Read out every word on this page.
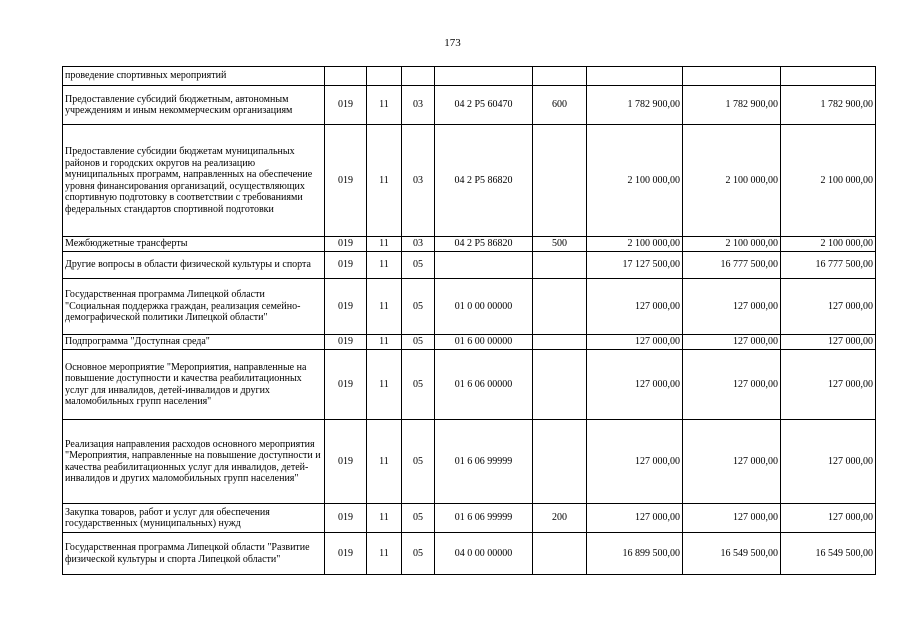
173
проведение спортивных мероприятий								
Предоставление субсидий бюджетным, автономным учреждениям и иным некоммерческим организациям	019	11	03	04 2 P5 60470	600	1 782 900,00	1 782 900,00	1 782 900,00
Предоставление субсидии бюджетам муниципальных районов и городских округов на реализацию муниципальных программ, направленных на обеспечение уровня финансирования организаций, осуществляющих спортивную подготовку в соответствии с требованиями федеральных стандартов спортивной подготовки	019	11	03	04 2 P5 86820		2 100 000,00	2 100 000,00	2 100 000,00
Межбюджетные трансферты	019	11	03	04 2 P5 86820	500	2 100 000,00	2 100 000,00	2 100 000,00
Другие вопросы в области физической культуры и спорта	019	11	05			17 127 500,00	16 777 500,00	16 777 500,00
Государственная программа Липецкой области "Социальная поддержка граждан, реализация семейно-демографической политики Липецкой области"	019	11	05	01 0 00 00000		127 000,00	127 000,00	127 000,00
Подпрограмма "Доступная среда"	019	11	05	01 6 00 00000		127 000,00	127 000,00	127 000,00
Основное мероприятие "Мероприятия, направленные на повышение доступности и качества реабилитационных услуг для инвалидов, детей-инвалидов и других маломобильных групп населения"	019	11	05	01 6 06 00000		127 000,00	127 000,00	127 000,00
Реализация направления расходов основного мероприятия "Мероприятия, направленные на повышение доступности и качества реабилитационных услуг для инвалидов, детей-инвалидов и других маломобильных групп населения"	019	11	05	01 6 06 99999		127 000,00	127 000,00	127 000,00
Закупка товаров, работ и услуг для обеспечения государственных (муниципальных) нужд	019	11	05	01 6 06 99999	200	127 000,00	127 000,00	127 000,00
Государственная программа Липецкой области "Развитие физической культуры и спорта Липецкой области"	019	11	05	04 0 00 00000		16 899 500,00	16 549 500,00	16 549 500,00
